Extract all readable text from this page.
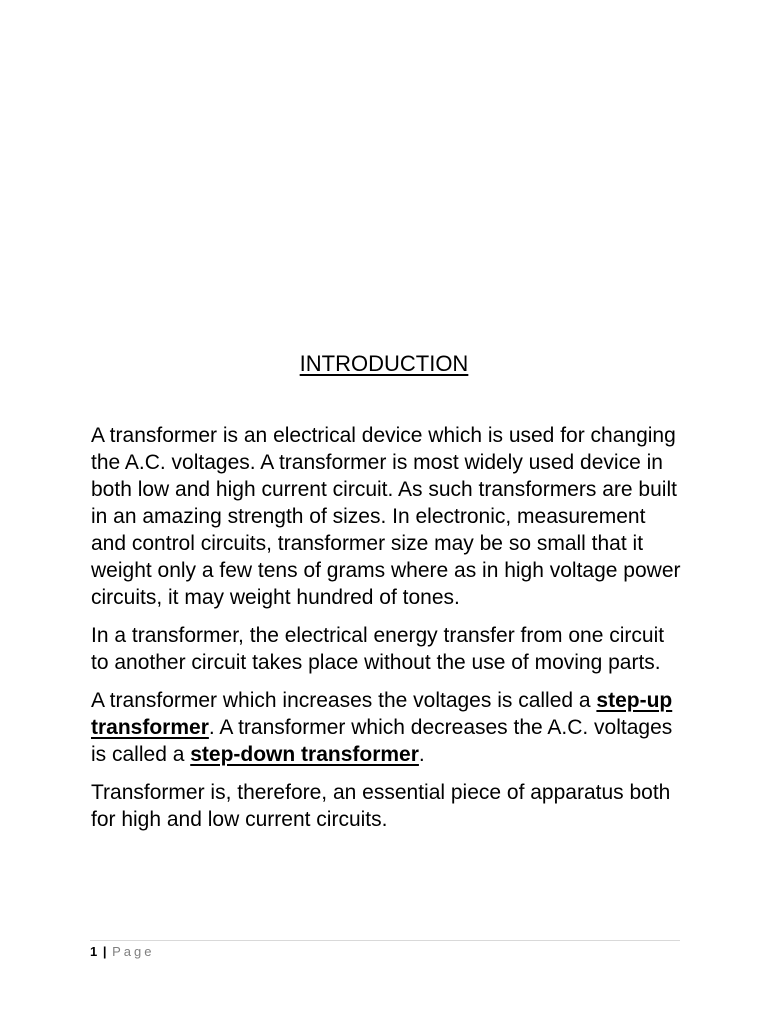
INTRODUCTION

A transformer is an electrical device which is used for changing the A.C. voltages. A transformer is most widely used device in both low and high current circuit. As such transformers are built in an amazing strength of sizes. In electronic, measurement and control circuits, transformer size may be so small that it weight only a few tens of grams where as in high voltage power circuits, it may weight hundred of tones.

In a transformer, the electrical energy transfer from one circuit to another circuit takes place without the use of moving parts.

A transformer which increases the voltages is called a step-up transformer. A transformer which decreases the A.C. voltages is called a step-down transformer.

Transformer is, therefore, an essential piece of apparatus both for high and low current circuits.

1 | Page
